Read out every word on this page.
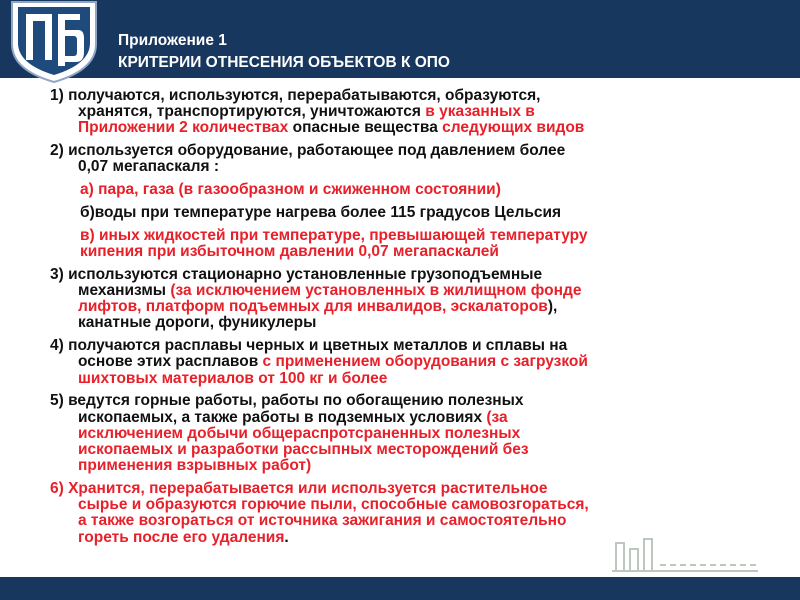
Приложение 1
КРИТЕРИИ ОТНЕСЕНИЯ ОБЪЕКТОВ К ОПО
1) получаются, используются, перерабатываются, образуются,
хранятся, транспортируются, уничтожаются в указанных в
Приложении 2 количествах опасные вещества следующих видов
2) используется оборудование, работающее под давлением более
0,07 мегапаскаля :
а) пара, газа (в газообразном и сжиженном состоянии)
б)воды при температуре нагрева более 115 градусов Цельсия
в) иных жидкостей при температуре, превышающей температуру
кипения при избыточном давлении 0,07 мегапаскалей
3) используются стационарно установленные грузоподъемные
механизмы (за исключением установленных в жилищном фонде
лифтов, платформ подъемных для инвалидов, эскалаторов),
канатные дороги, фуникулеры
4) получаются расплавы черных и цветных металлов и сплавы на
основе этих расплавов с применением оборудования с загрузкой
шихтовых материалов от 100 кг и более
5) ведутся горные работы, работы по обогащению полезных
ископаемых, а также работы в подземных условиях (за
исключением добычи общераспротсраненных полезных
ископаемых и разработки рассыпных месторождений без
применения взрывных работ)
6) Хранится, перерабатывается или используется растительное
сырье и образуются горючие пыли, способные самовозгораться,
а также возгораться от источника зажигания и самостоятельно
гореть после его удаления.
